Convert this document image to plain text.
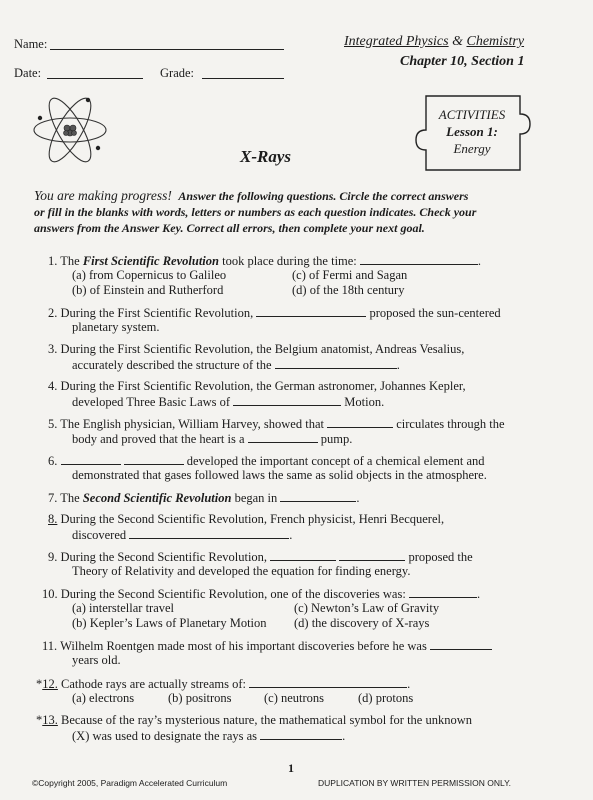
Name:
Date:	Grade:
Integrated Physics & Chemistry
Chapter 10, Section 1
ACTIVITIES
Lesson 1:
Energy
X-Rays
You are making progress! Answer the following questions. Circle the correct answers
or fill in the blanks with words, letters or numbers as each question indicates. Check your
answers from the Answer Key. Correct all errors, then complete your next goal.
1. The First Scientific Revolution took place during the time:	.
(a) from Copernicus to Galileo	(c) of Fermi and Sagan
(b) of Einstein and Rutherford	(d) of the 18th century
2. During the First Scientific Revolution,	proposed the sun-centered
planetary system.
3. During the First Scientific Revolution, the Belgium anatomist, Andreas Vesalius,
accurately described the structure of the	.
4. During the First Scientific Revolution, the German astronomer, Johannes Kepler,
developed Three Basic Laws of	Motion.
5. The English physician, William Harvey, showed that	circulates through the
body and proved that the heart is a	pump.
6.	developed the important concept of a chemical element and
demonstrated that gases followed laws the same as solid objects in the atmosphere.
7. The Second Scientific Revolution began in	.
8. During the Second Scientific Revolution, French physicist, Henri Becquerel,
discovered	.
9. During the Second Scientific Revolution,	proposed the
Theory of Relativity and developed the equation for finding energy.
10. During the Second Scientific Revolution, one of the discoveries was:	.
(a) interstellar travel	(c) Newton’s Law of Gravity
(b) Kepler’s Laws of Planetary Motion (d) the discovery of X-rays
11. Wilhelm Roentgen made most of his important discoveries before he was
years old.
*12. Cathode rays are actually streams of:	.
(a) electrons	(b) positrons	(c) neutrons	(d) protons
*13. Because of the ray’s mysterious nature, the mathematical symbol for the unknown
(X) was used to designate the rays as	.
1
©Copyright 2005, Paradigm Accelerated Curriculum	DUPLICATION BY WRITTEN PERMISSION ONLY.
